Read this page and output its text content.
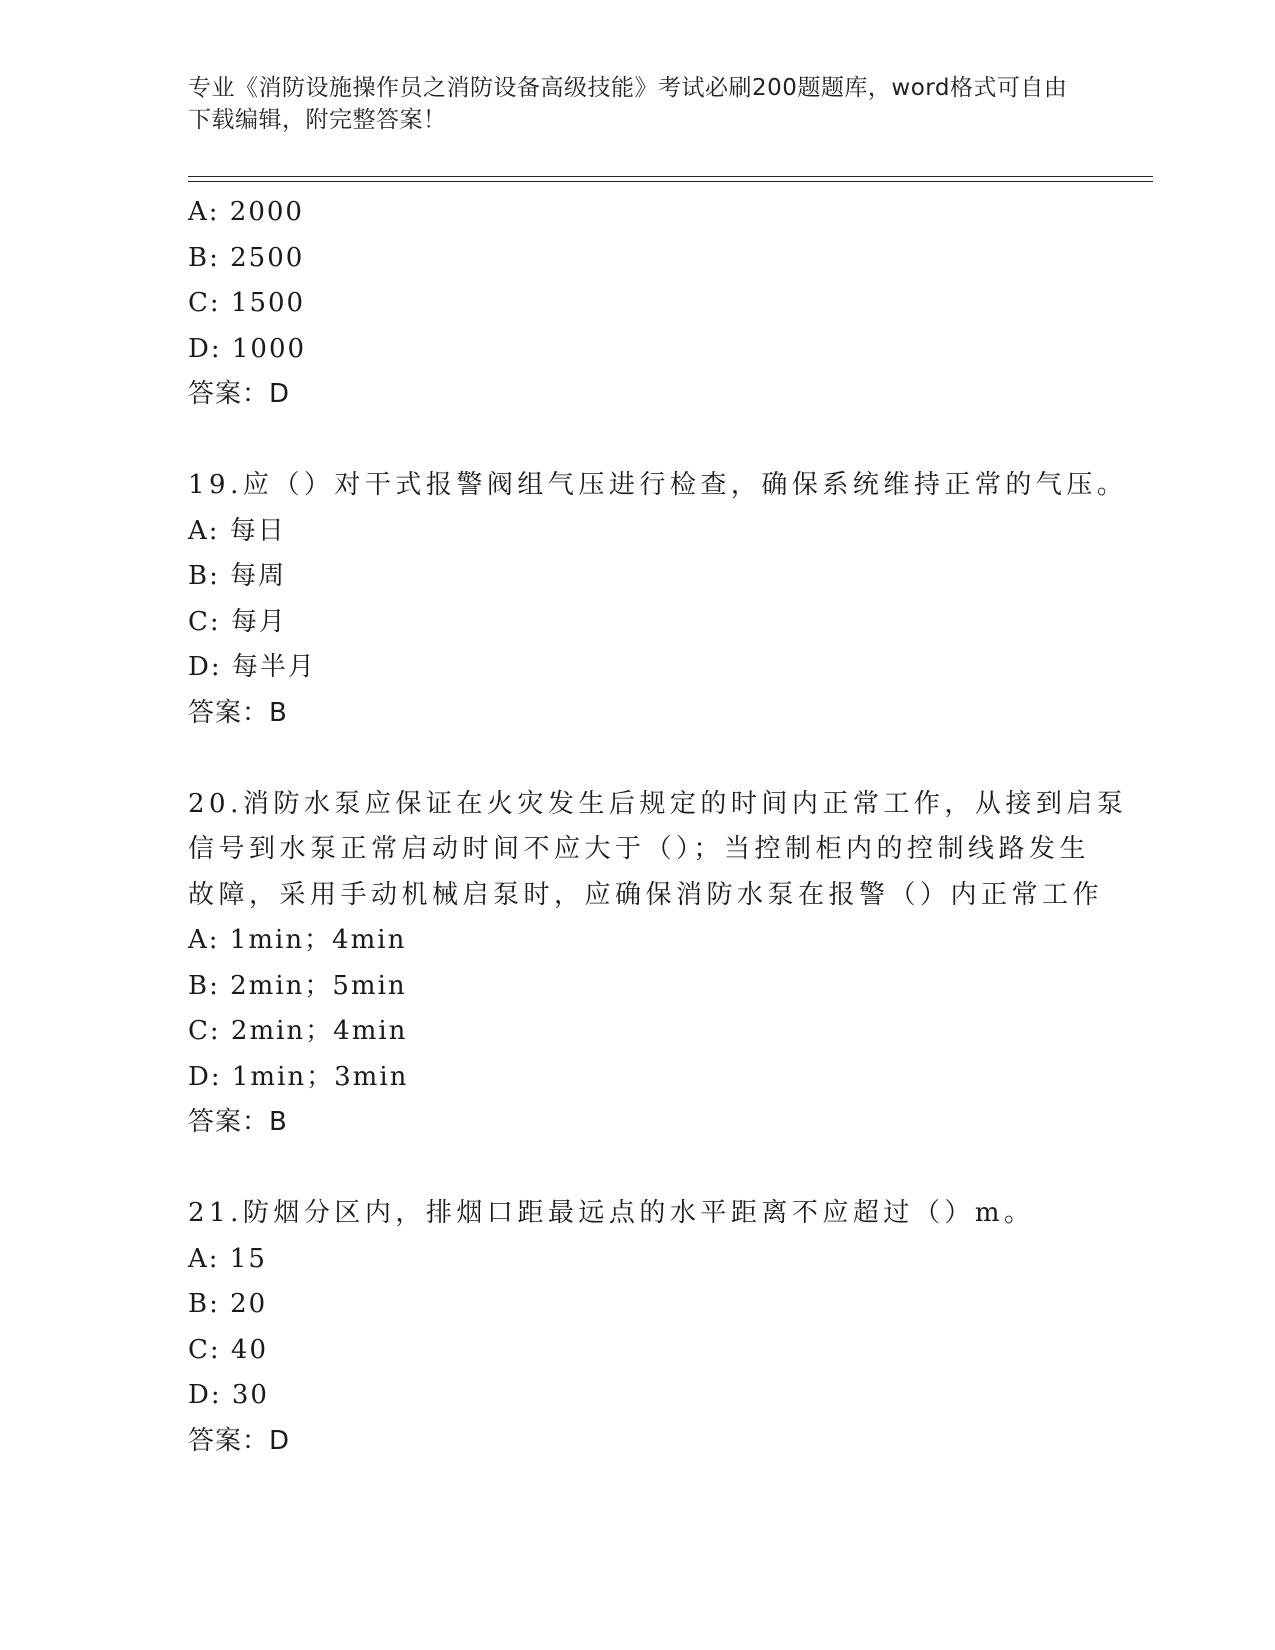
专业《消防设施操作员之消防设备高级技能》考试必刷200题题库，word格式可自由下载编辑，附完整答案！

A: 2000

B: 2500

C: 1500

D: 1000

答案：D

19.应（）对干式报警阀组气压进行检查，确保系统维持正常的气压。

A: 每日

B: 每周

C: 每月

D: 每半月

答案：B

20.消防水泵应保证在火灾发生后规定的时间内正常工作，从接到启泵

信号到水泵正常启动时间不应大于（）；当控制柜内的控制线路发生

故障，采用手动机械启泵时，应确保消防水泵在报警（）内正常工作

A: 1min；4min

B: 2min；5min

C: 2min；4min

D: 1min；3min

答案：B

21.防烟分区内，排烟口距最远点的水平距离不应超过（）m。

A: 15

B: 20

C: 40

D: 30

答案：D
